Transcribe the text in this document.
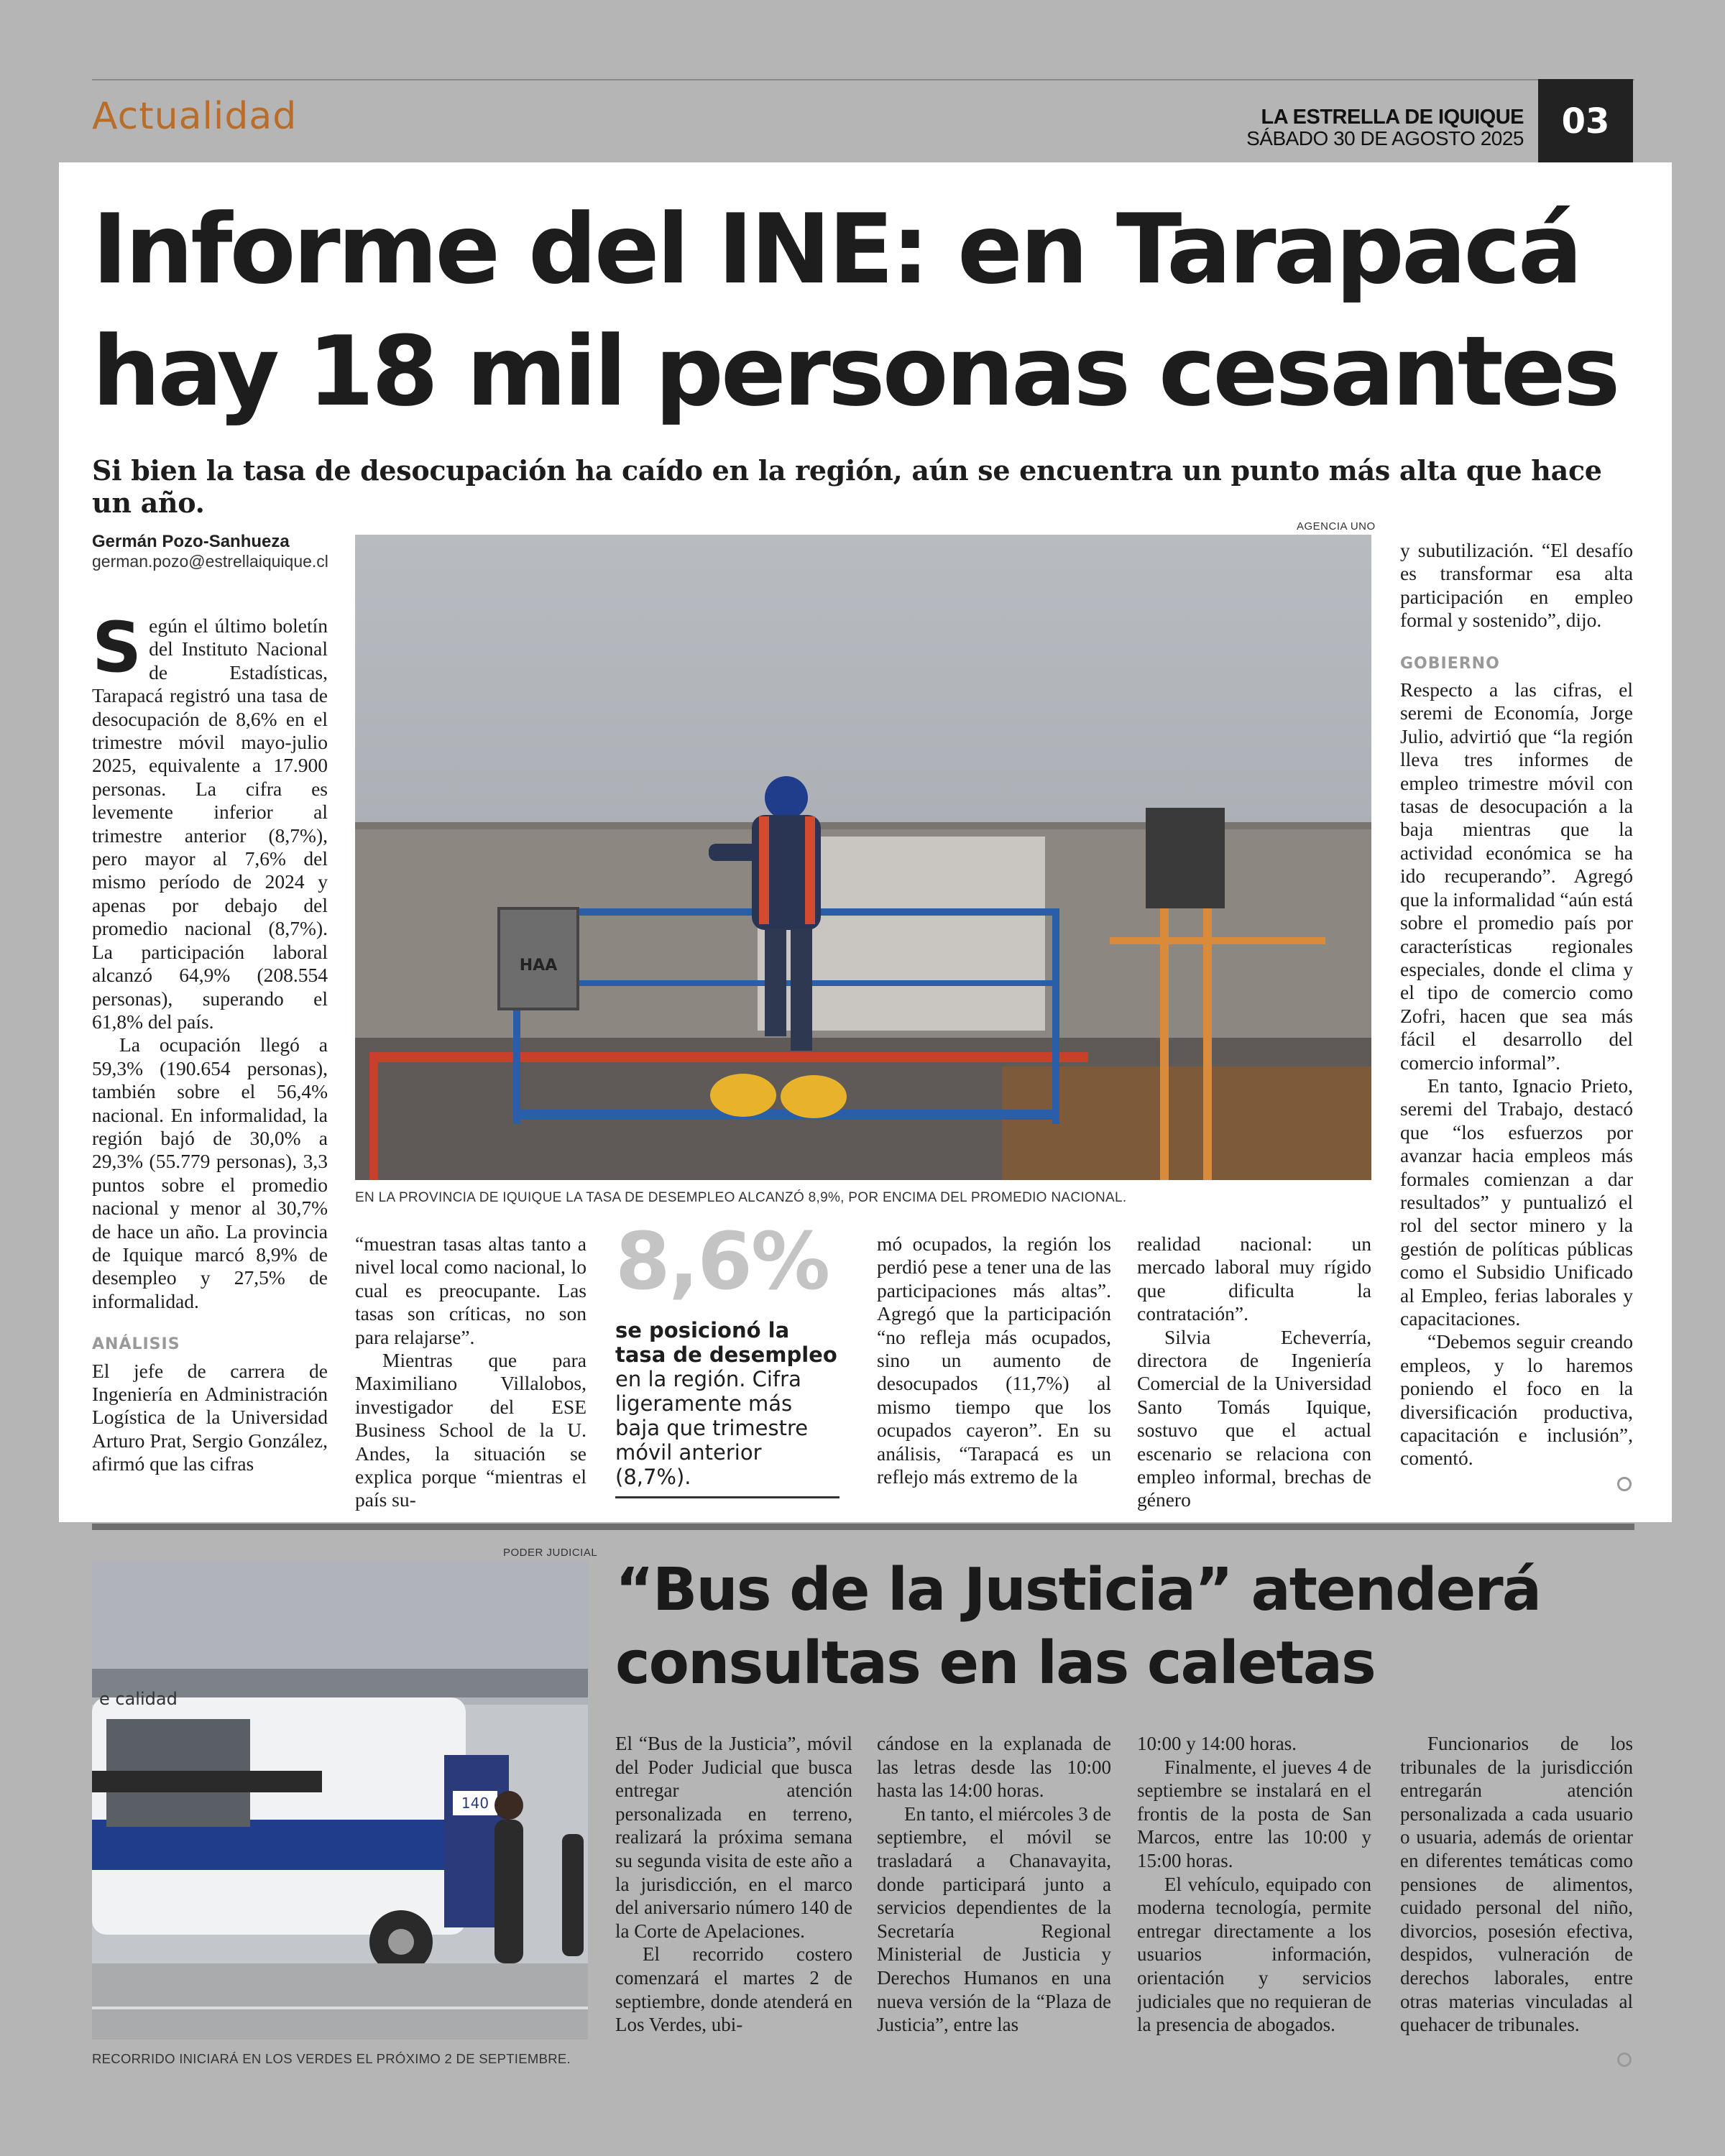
Actualidad	LA ESTRELLA DE IQUIQUE
SÁBADO 30 DE AGOSTO 2025	03
Informe del INE: en Tarapacá
hay 18 mil personas cesantes
Si bien la tasa de desocupación ha caído en la región, aún se encuentra un punto más alta que hace un año.
Germán Pozo-Sanhueza
german.pozo@estrellaiquique.cl
AGENCIA UNO
HAA
EN LA PROVINCIA DE IQUIQUE LA TASA DE DESEMPLEO ALCANZÓ 8,9%, POR ENCIMA DEL PROMEDIO NACIONAL.

Según el último boletín del Instituto Nacional de Estadísticas, Tarapacá registró una tasa de desocupación de 8,6% en el trimestre móvil mayo-julio 2025, equivalente a 17.900 personas. La cifra es levemente inferior al trimestre anterior (8,7%), pero mayor al 7,6% del mismo período de 2024 y apenas por debajo del promedio nacional (8,7%). La participación laboral alcanzó 64,9% (208.554 personas), superando el 61,8% del país.

La ocupación llegó a 59,3% (190.654 personas), también sobre el 56,4% nacional. En informalidad, la región bajó de 30,0% a 29,3% (55.779 personas), 3,3 puntos sobre el promedio nacional y menor al 30,7% de hace un año. La provincia de Iquique marcó 8,9% de desempleo y 27,5% de informalidad.

ANÁLISIS

El jefe de carrera de Ingeniería en Administración Logística de la Universidad Arturo Prat, Sergio González, afirmó que las cifras

“muestran tasas altas tanto a nivel local como nacional, lo cual es preocupante. Las tasas son críticas, no son para relajarse”.

Mientras que para Maximiliano Villalobos, investigador del ESE Business School de la U. Andes, la situación se explica porque “mientras el país su-

8,6%
se posicionó la tasa de desempleo en la región. Cifra ligeramente más baja que trimestre móvil anterior (8,7%).

mó ocupados, la región los perdió pese a tener una de las participaciones más altas”. Agregó que la participación “no refleja más ocupados, sino un aumento de desocupados (11,7%) al mismo tiempo que los ocupados cayeron”. En su análisis, “Tarapacá es un reflejo más extremo de la

realidad nacional: un mercado laboral muy rígido que dificulta la contratación”.

Silvia Echeverría, directora de Ingeniería Comercial de la Universidad Santo Tomás Iquique, sostuvo que el actual escenario se relaciona con empleo informal, brechas de género

y subutilización. “El desafío es transformar esa alta participación en empleo formal y sostenido”, dijo.

GOBIERNO

Respecto a las cifras, el seremi de Economía, Jorge Julio, advirtió que “la región lleva tres informes de empleo trimestre móvil con tasas de desocupación a la baja mientras que la actividad económica se ha ido recuperando”. Agregó que la informalidad “aún está sobre el promedio país por características regionales especiales, donde el clima y el tipo de comercio como Zofri, hacen que sea más fácil el desarrollo del comercio informal”.

En tanto, Ignacio Prieto, seremi del Trabajo, destacó que “los esfuerzos por avanzar hacia empleos más formales comienzan a dar resultados” y puntualizó el rol del sector minero y la gestión de políticas públicas como el Subsidio Unificado al Empleo, ferias laborales y capacitaciones.

“Debemos seguir creando empleos, y lo haremos poniendo el foco en la diversificación productiva, capacitación e inclusión”, comentó.

PODER JUDICIAL
e calidad
140
RECORRIDO INICIARÁ EN LOS VERDES EL PRÓXIMO 2 DE SEPTIEMBRE.
“Bus de la Justicia” atenderá
consultas en las caletas

El “Bus de la Justicia”, móvil del Poder Judicial que busca entregar atención personalizada en terreno, realizará la próxima semana su segunda visita de este año a la jurisdicción, en el marco del aniversario número 140 de la Corte de Apelaciones.

El recorrido costero comenzará el martes 2 de septiembre, donde atenderá en Los Verdes, ubi-

cándose en la explanada de las letras desde las 10:00 hasta las 14:00 horas.

En tanto, el miércoles 3 de septiembre, el móvil se trasladará a Chanavayita, donde participará junto a servicios dependientes de la Secretaría Regional Ministerial de Justicia y Derechos Humanos en una nueva versión de la “Plaza de Justicia”, entre las

10:00 y 14:00 horas.

Finalmente, el jueves 4 de septiembre se instalará en el frontis de la posta de San Marcos, entre las 10:00 y 15:00 horas.

El vehículo, equipado con moderna tecnología, permite entregar directamente a los usuarios información, orientación y servicios judiciales que no requieran de la presencia de abogados.

Funcionarios de los tribunales de la jurisdicción entregarán atención personalizada a cada usuario o usuaria, además de orientar en diferentes temáticas como pensiones de alimentos, cuidado personal del niño, divorcios, posesión efectiva, despidos, vulneración de derechos laborales, entre otras materias vinculadas al quehacer de tribunales.
